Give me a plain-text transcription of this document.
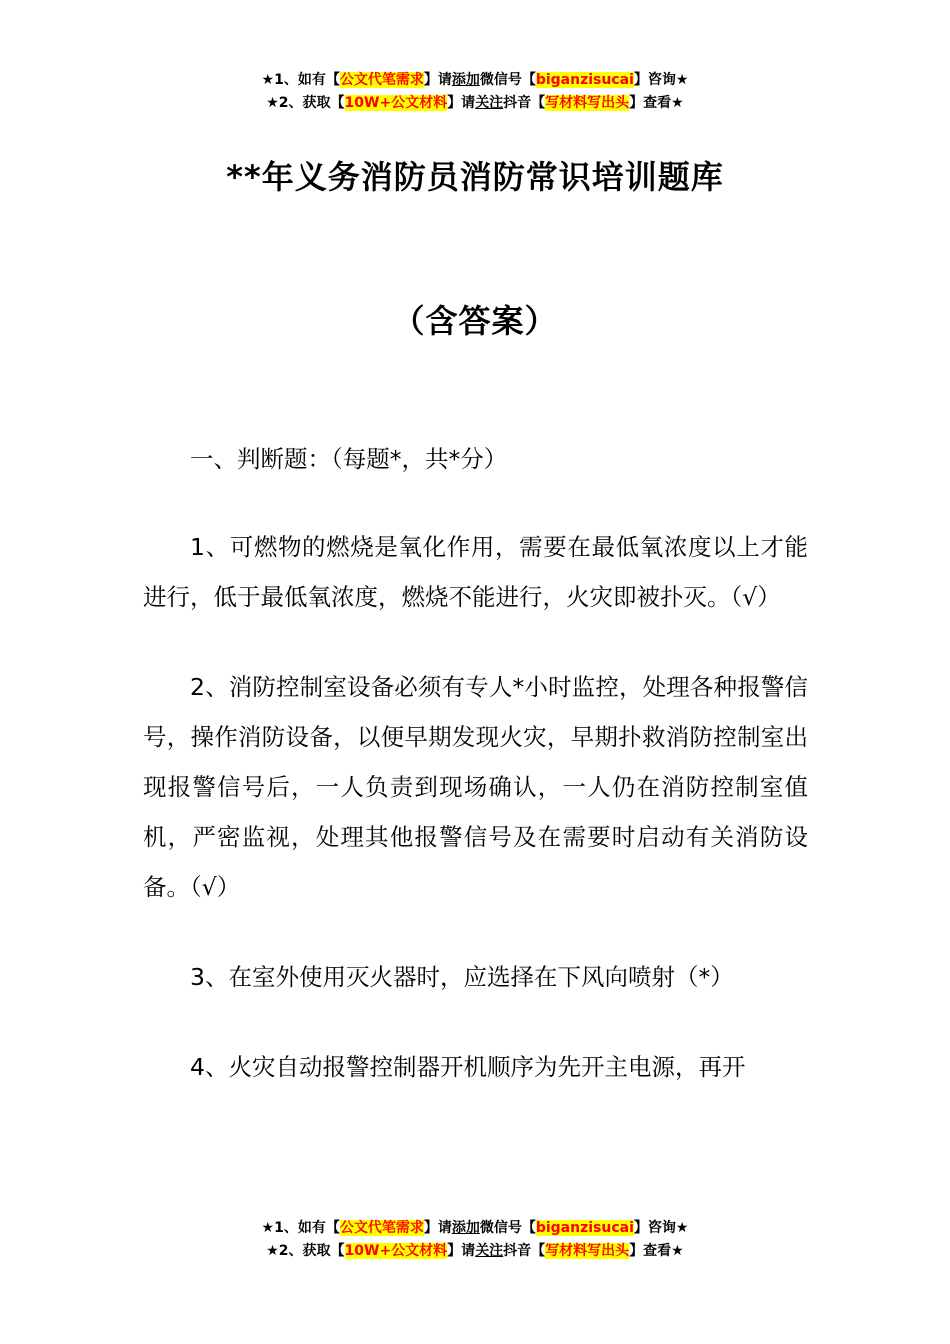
★1、如有【公文代笔需求】请添加微信号【biganzisucai】咨询★
★2、获取【10W+公文材料】请关注抖音【写材料写出头】查看★
**年义务消防员消防常识培训题库
（含答案）

一、判断题：（每题*，共*分）

1、可燃物的燃烧是氧化作用，需要在最低氧浓度以上才能进行，低于最低氧浓度，燃烧不能进行，火灾即被扑灭。（√）

2、消防控制室设备必须有专人*小时监控，处理各种报警信号，操作消防设备，以便早期发现火灾，早期扑救消防控制室出现报警信号后，一人负责到现场确认，一人仍在消防控制室值机，严密监视，处理其他报警信号及在需要时启动有关消防设备。（√）

3、在室外使用灭火器时，应选择在下风向喷射（*）

4、火灾自动报警控制器开机顺序为先开主电源，再开

★1、如有【公文代笔需求】请添加微信号【biganzisucai】咨询★
★2、获取【10W+公文材料】请关注抖音【写材料写出头】查看★
